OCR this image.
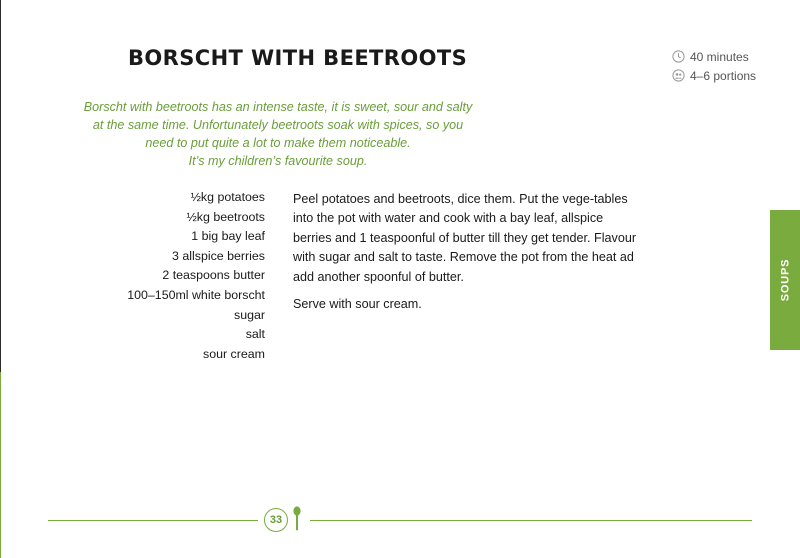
BORSCHT WITH BEETROOTS	40 minutes
4–6 portions

Borscht with beetroots has an intense taste, it is sweet, sour and salty
at the same time. Unfortunately beetroots soak with spices, so you
need to put quite a lot to make them noticeable.
It’s my children’s favourite soup.

½kg potatoes
½kg beetroots
1 big bay leaf
3 allspice berries
2 teaspoons butter
100–150ml white borscht
sugar
salt
sour cream

Peel potatoes and beetroots, dice them. Put the vege-tables into the pot with water and cook with a bay leaf, allspice berries and 1 teaspoonful of butter till they get tender. Flavour with sugar and salt to taste. Remove the pot from the heat ad add another spoonful of butter.

Serve with sour cream.

SOUPS
33
